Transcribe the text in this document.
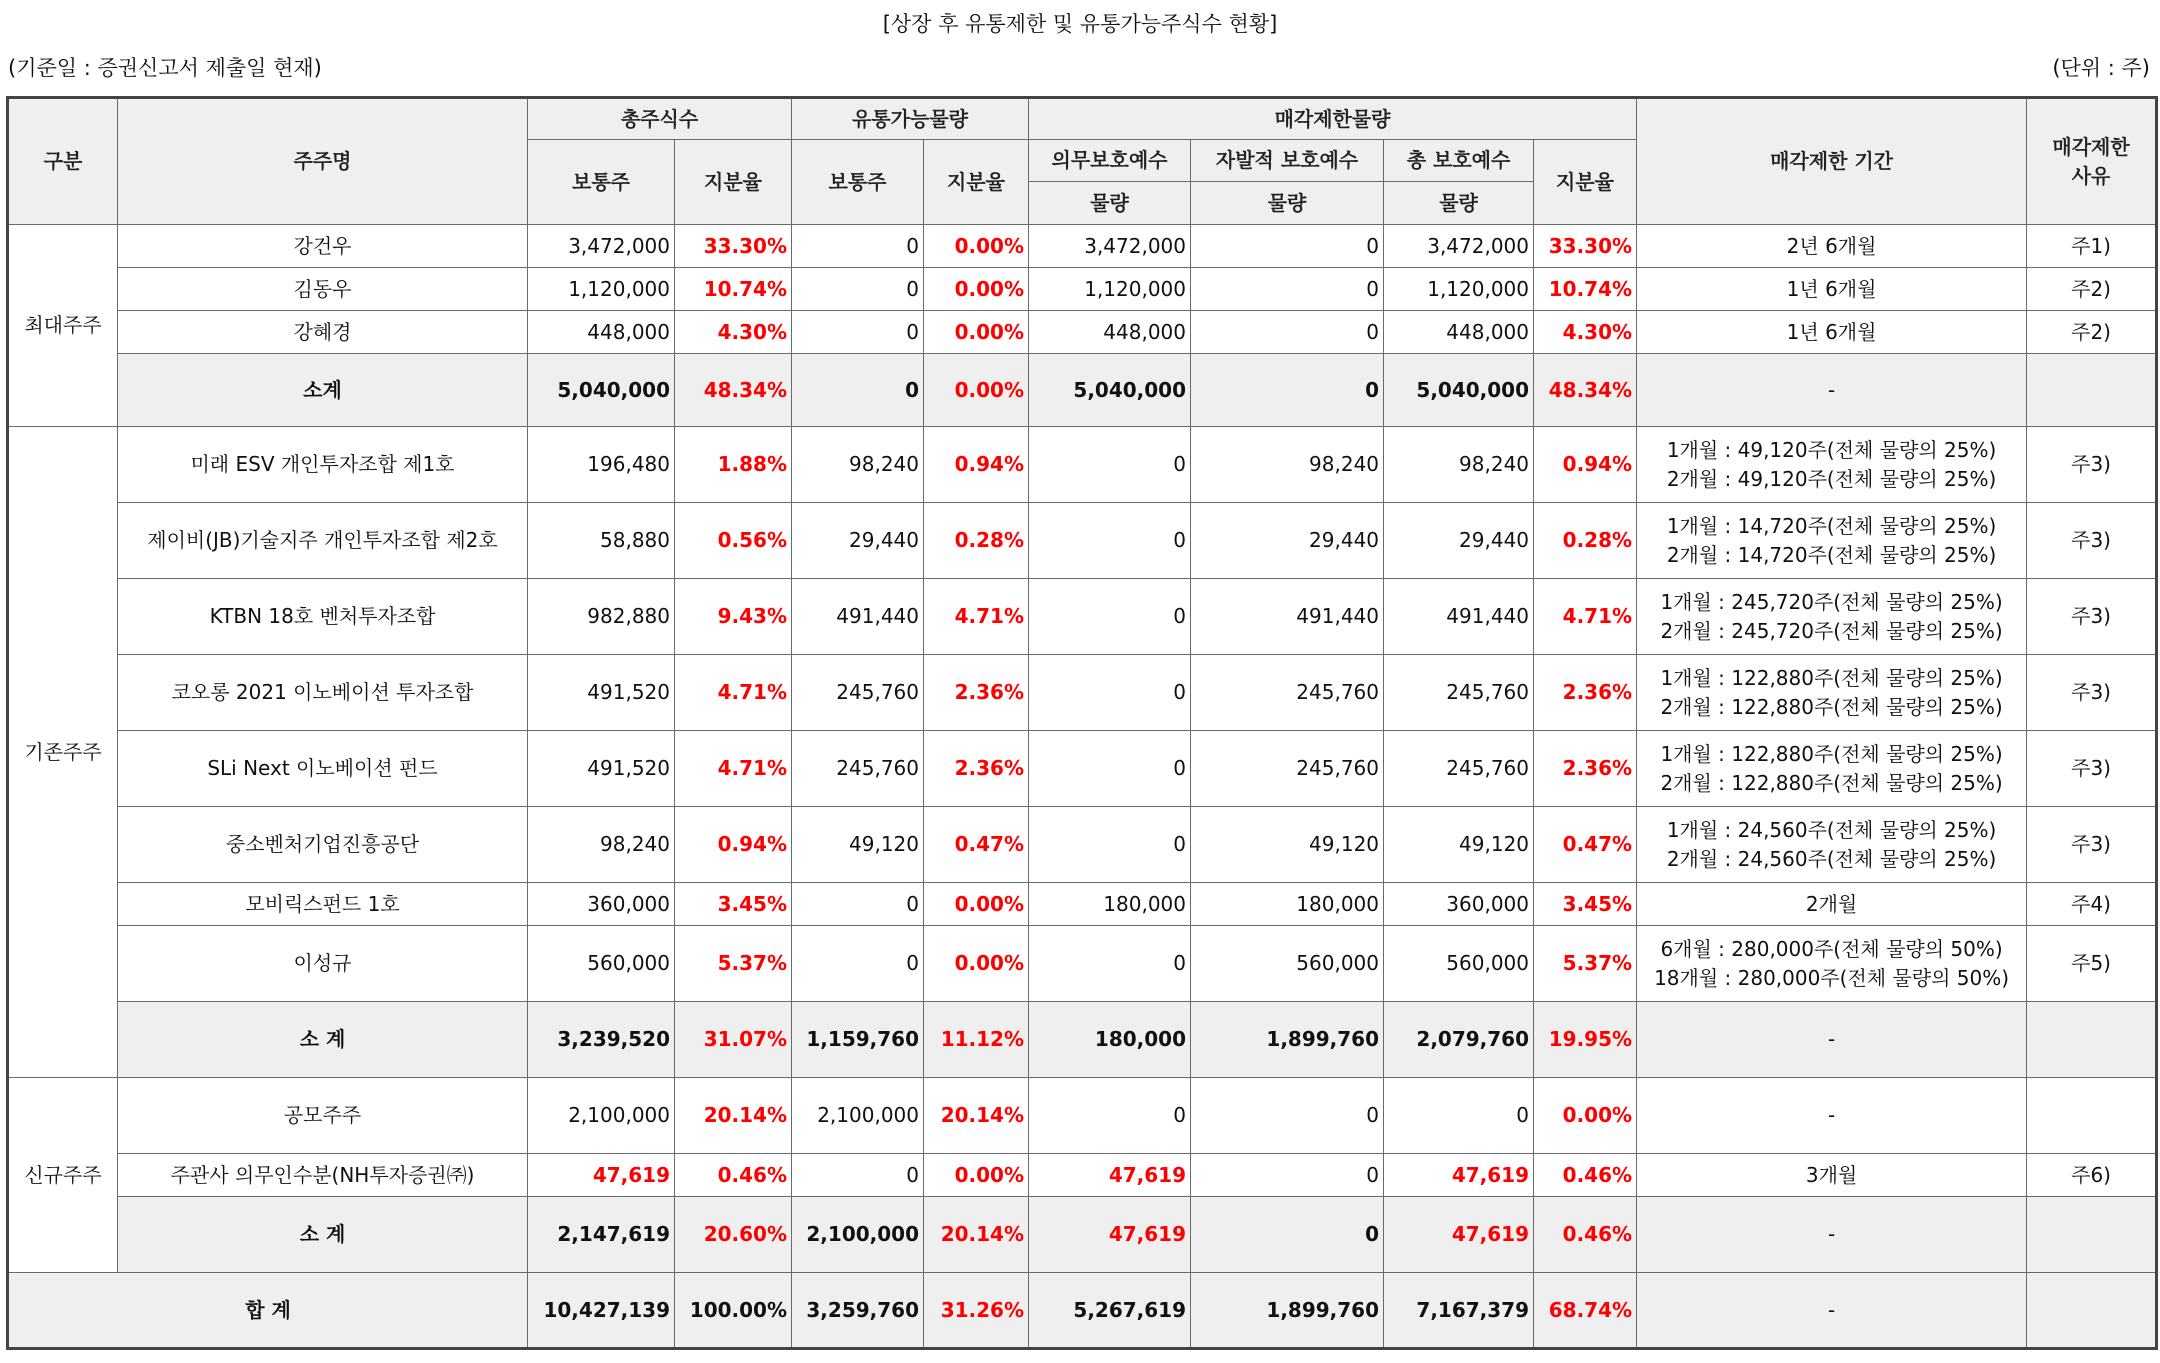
[상장 후 유통제한 및 유통가능주식수 현황]
(기준일 : 증권신고서 제출일 현재)	(단위 : 주)
구분	주주명	총주식수		유통가능물량		매각제한물량				매각제한 기간	매각제한
사유

		보통주	지분율	보통주	지분율	의무보호예수	자발적 보호예수	총 보호예수	지분율		
						물량	물량	물량			
최대주주	강건우	3,472,000	33.30%	0	0.00%	3,472,000	0	3,472,000	33.30%	2년 6개월	주1)
	김동우	1,120,000	10.74%	0	0.00%	1,120,000	0	1,120,000	10.74%	1년 6개월	주2)
	강혜경	448,000	4.30%	0	0.00%	448,000	0	448,000	4.30%	1년 6개월	주2)
	소계	5,040,000	48.34%	0	0.00%	5,040,000	0	5,040,000	48.34%	-	
기존주주	미래 ESV 개인투자조합 제1호	196,480	1.88%	98,240	0.94%	0	98,240	98,240	0.94%	1개월 : 49,120주(전체 물량의 25%)
2개월 : 49,120주(전체 물량의 25%)	주3)
	제이비(JB)기술지주 개인투자조합 제2호	58,880	0.56%	29,440	0.28%	0	29,440	29,440	0.28%	1개월 : 14,720주(전체 물량의 25%)
2개월 : 14,720주(전체 물량의 25%)	주3)
	KTBN 18호 벤처투자조합	982,880	9.43%	491,440	4.71%	0	491,440	491,440	4.71%	1개월 : 245,720주(전체 물량의 25%)
2개월 : 245,720주(전체 물량의 25%)	주3)
	코오롱 2021 이노베이션 투자조합	491,520	4.71%	245,760	2.36%	0	245,760	245,760	2.36%	1개월 : 122,880주(전체 물량의 25%)
2개월 : 122,880주(전체 물량의 25%)	주3)
	SLi Next 이노베이션 펀드	491,520	4.71%	245,760	2.36%	0	245,760	245,760	2.36%	1개월 : 122,880주(전체 물량의 25%)
2개월 : 122,880주(전체 물량의 25%)	주3)
	중소벤처기업진흥공단	98,240	0.94%	49,120	0.47%	0	49,120	49,120	0.47%	1개월 : 24,560주(전체 물량의 25%)
2개월 : 24,560주(전체 물량의 25%)	주3)
	모비릭스펀드 1호	360,000	3.45%	0	0.00%	180,000	180,000	360,000	3.45%	2개월	주4)
	이성규	560,000	5.37%	0	0.00%	0	560,000	560,000	5.37%	6개월 : 280,000주(전체 물량의 50%)
18개월 : 280,000주(전체 물량의 50%)	주5)
	소 계	3,239,520	31.07%	1,159,760	11.12%	180,000	1,899,760	2,079,760	19.95%	-	
신규주주	공모주주	2,100,000	20.14%	2,100,000	20.14%	0	0	0	0.00%	-	
	주관사 의무인수분(NH투자증권㈜)	47,619	0.46%	0	0.00%	47,619	0	47,619	0.46%	3개월	주6)
	소 계	2,147,619	20.60%	2,100,000	20.14%	47,619	0	47,619	0.46%	-	
합 계		10,427,139	100.00%	3,259,760	31.26%	5,267,619	1,899,760	7,167,379	68.74%	-	
